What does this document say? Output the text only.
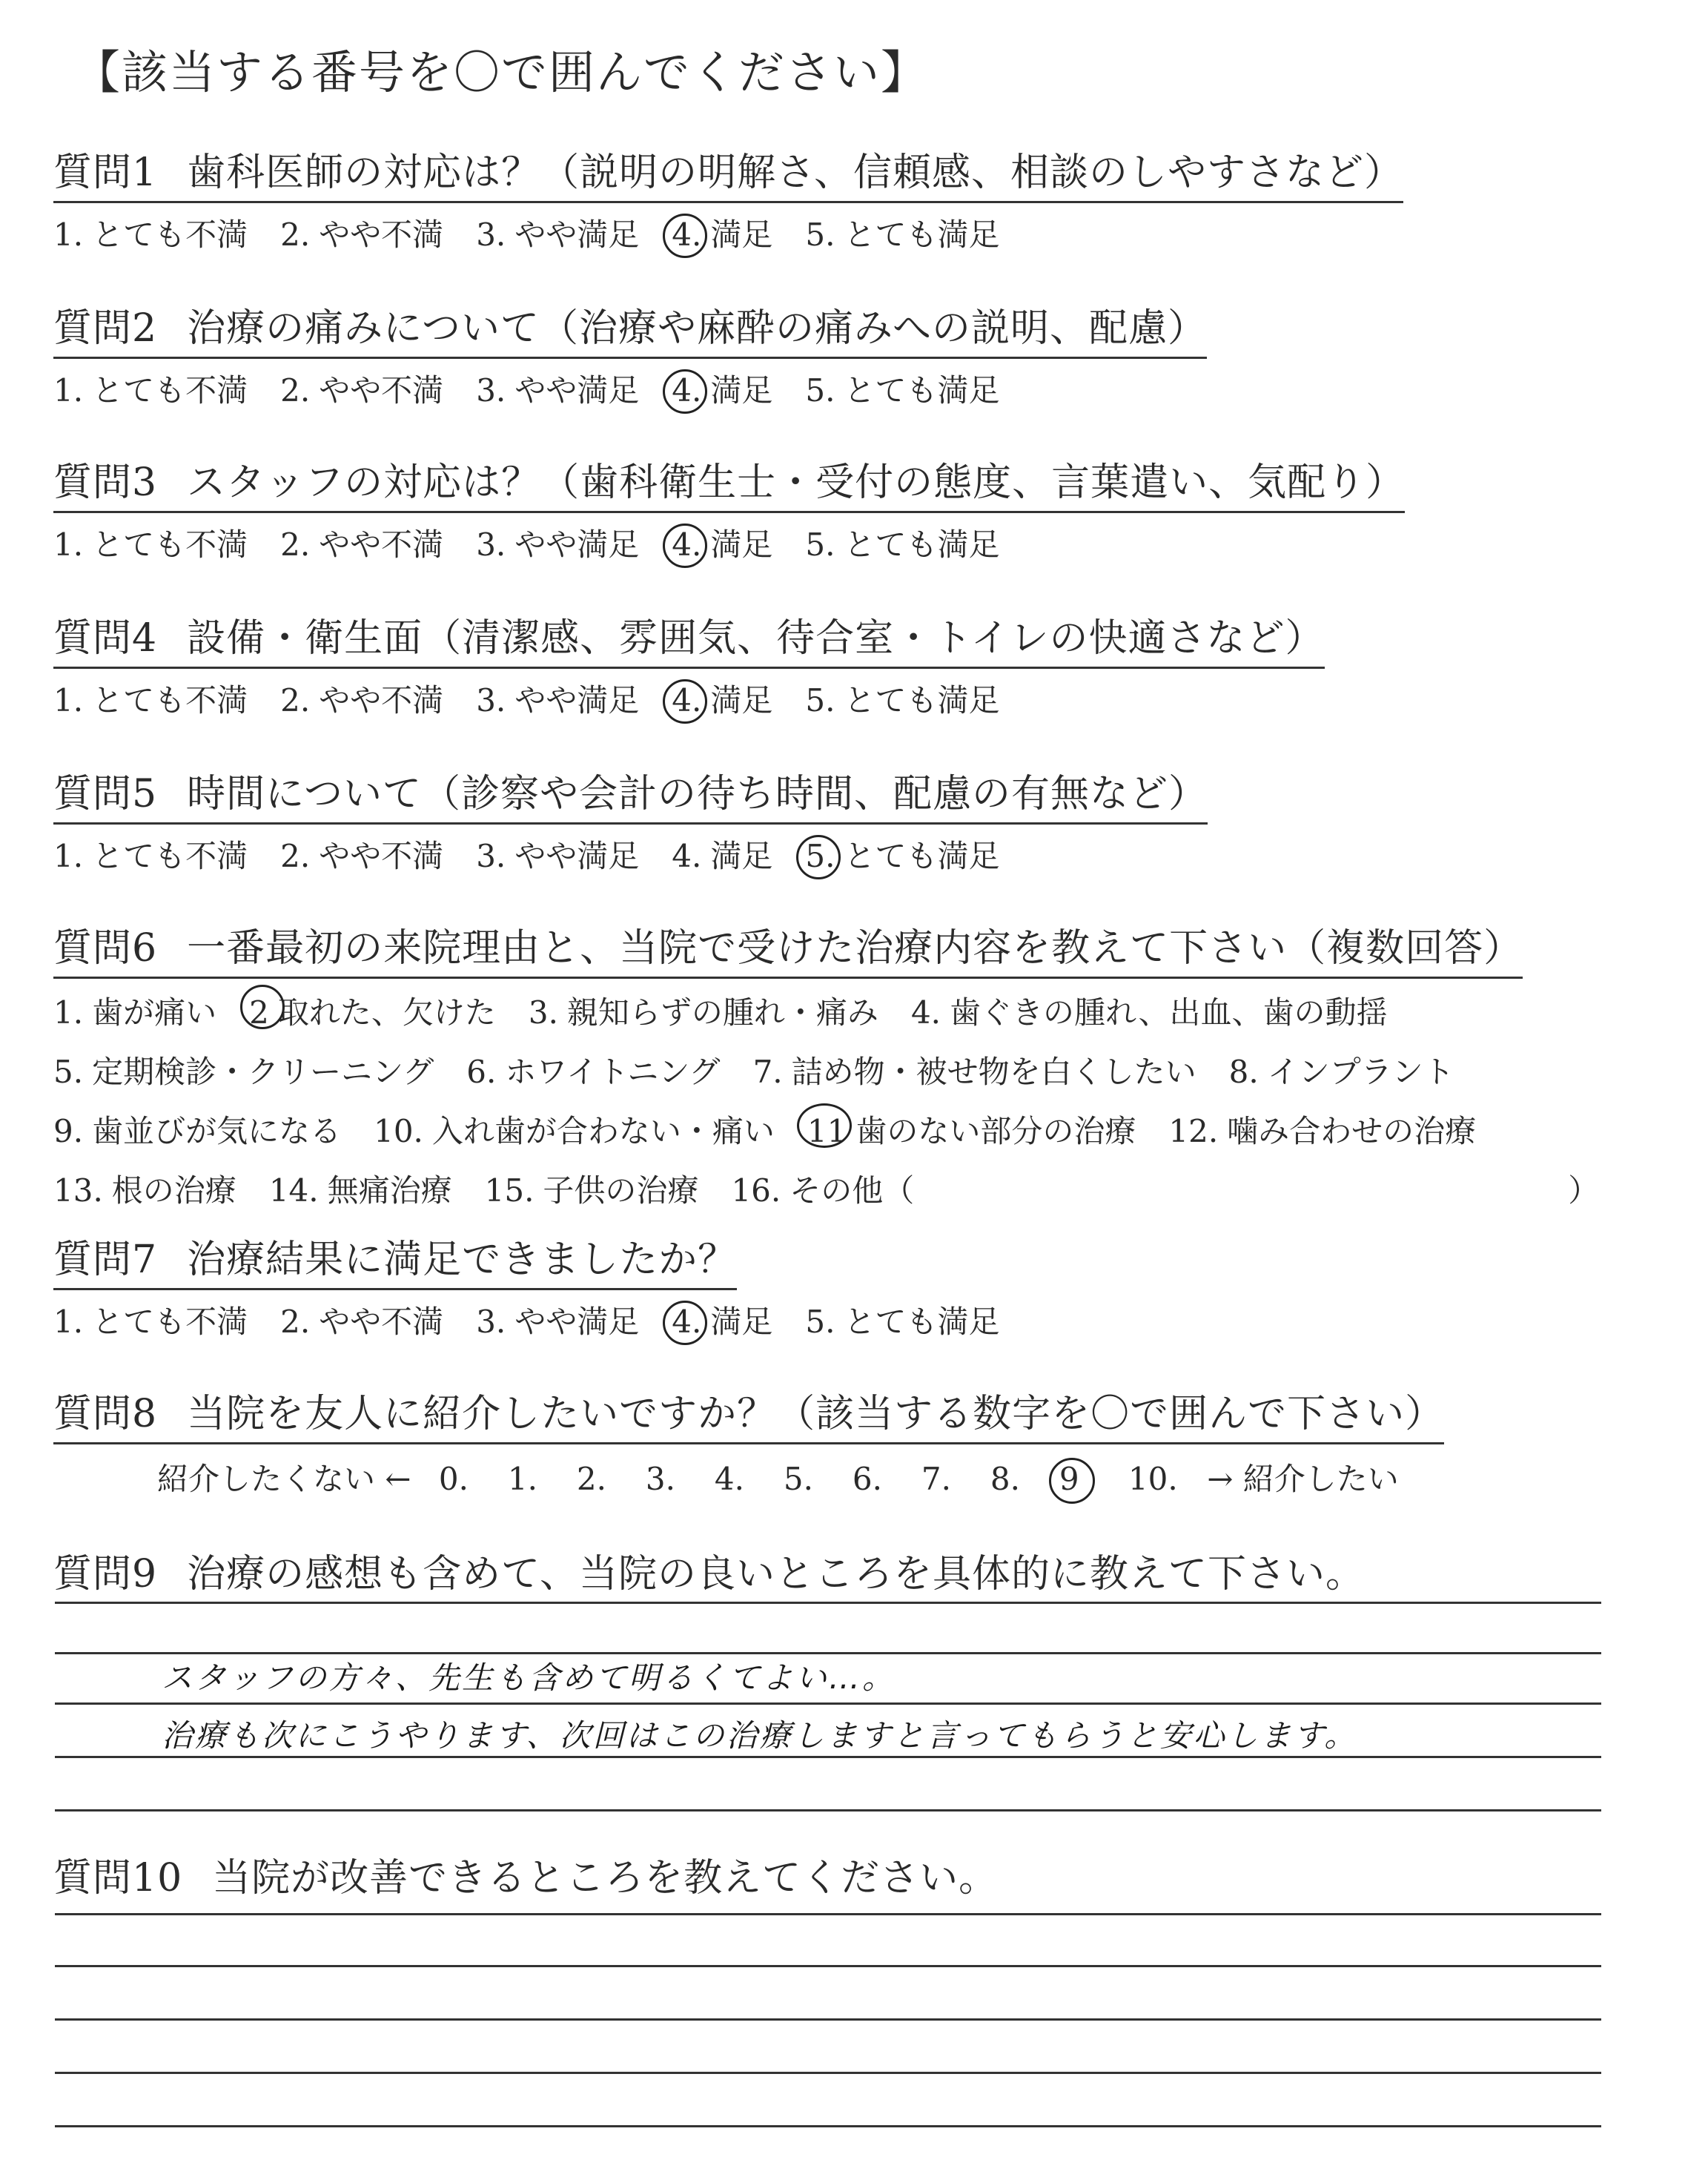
【該当する番号を〇で囲んでください】
質問1 歯科医師の対応は？（説明の明解さ、信頼感、相談のしやすさなど）
1. とても不満 2. やや不満 3. やや満足 4. 満足 5. とても満足
質問2 治療の痛みについて（治療や麻酔の痛みへの説明、配慮）
1. とても不満 2. やや不満 3. やや満足 4. 満足 5. とても満足
質問3 スタッフの対応は？（歯科衛生士・受付の態度、言葉遣い、気配り）
1. とても不満 2. やや不満 3. やや満足 4. 満足 5. とても満足
質問4 設備・衛生面（清潔感、雰囲気、待合室・トイレの快適さなど）
1. とても不満 2. やや不満 3. やや満足 4. 満足 5. とても満足
質問5 時間について（診察や会計の待ち時間、配慮の有無など）
1. とても不満 2. やや不満 3. やや満足 4. 満足 5. とても満足
質問6 一番最初の来院理由と、当院で受けた治療内容を教えて下さい（複数回答）
1. 歯が痛い 2 取れた、欠けた 3. 親知らずの腫れ・痛み 4. 歯ぐきの腫れ、出血、歯の動揺
5. 定期検診・クリーニング 6. ホワイトニング 7. 詰め物・被せ物を白くしたい 8. インプラント
9. 歯並びが気になる 10. 入れ歯が合わない・痛い 11 歯のない部分の治療 12. 噛み合わせの治療
13. 根の治療 14. 無痛治療 15. 子供の治療 16. その他（　　　　　　　　　　　　　　　　　　　　　）
質問7 治療結果に満足できましたか？
1. とても不満 2. やや不満 3. やや満足 4. 満足 5. とても満足
質問8 当院を友人に紹介したいですか？（該当する数字を〇で囲んで下さい）
紹介したくない ← 0. 1. 2. 3. 4. 5. 6. 7. 8. 9 10. → 紹介したい
質問9 治療の感想も含めて、当院の良いところを具体的に教えて下さい。
スタッフの方々、先生も含めて明るくてよい…。
治療も次にこうやります、次回はこの治療しますと言ってもらうと安心します。
質問10 当院が改善できるところを教えてください。
